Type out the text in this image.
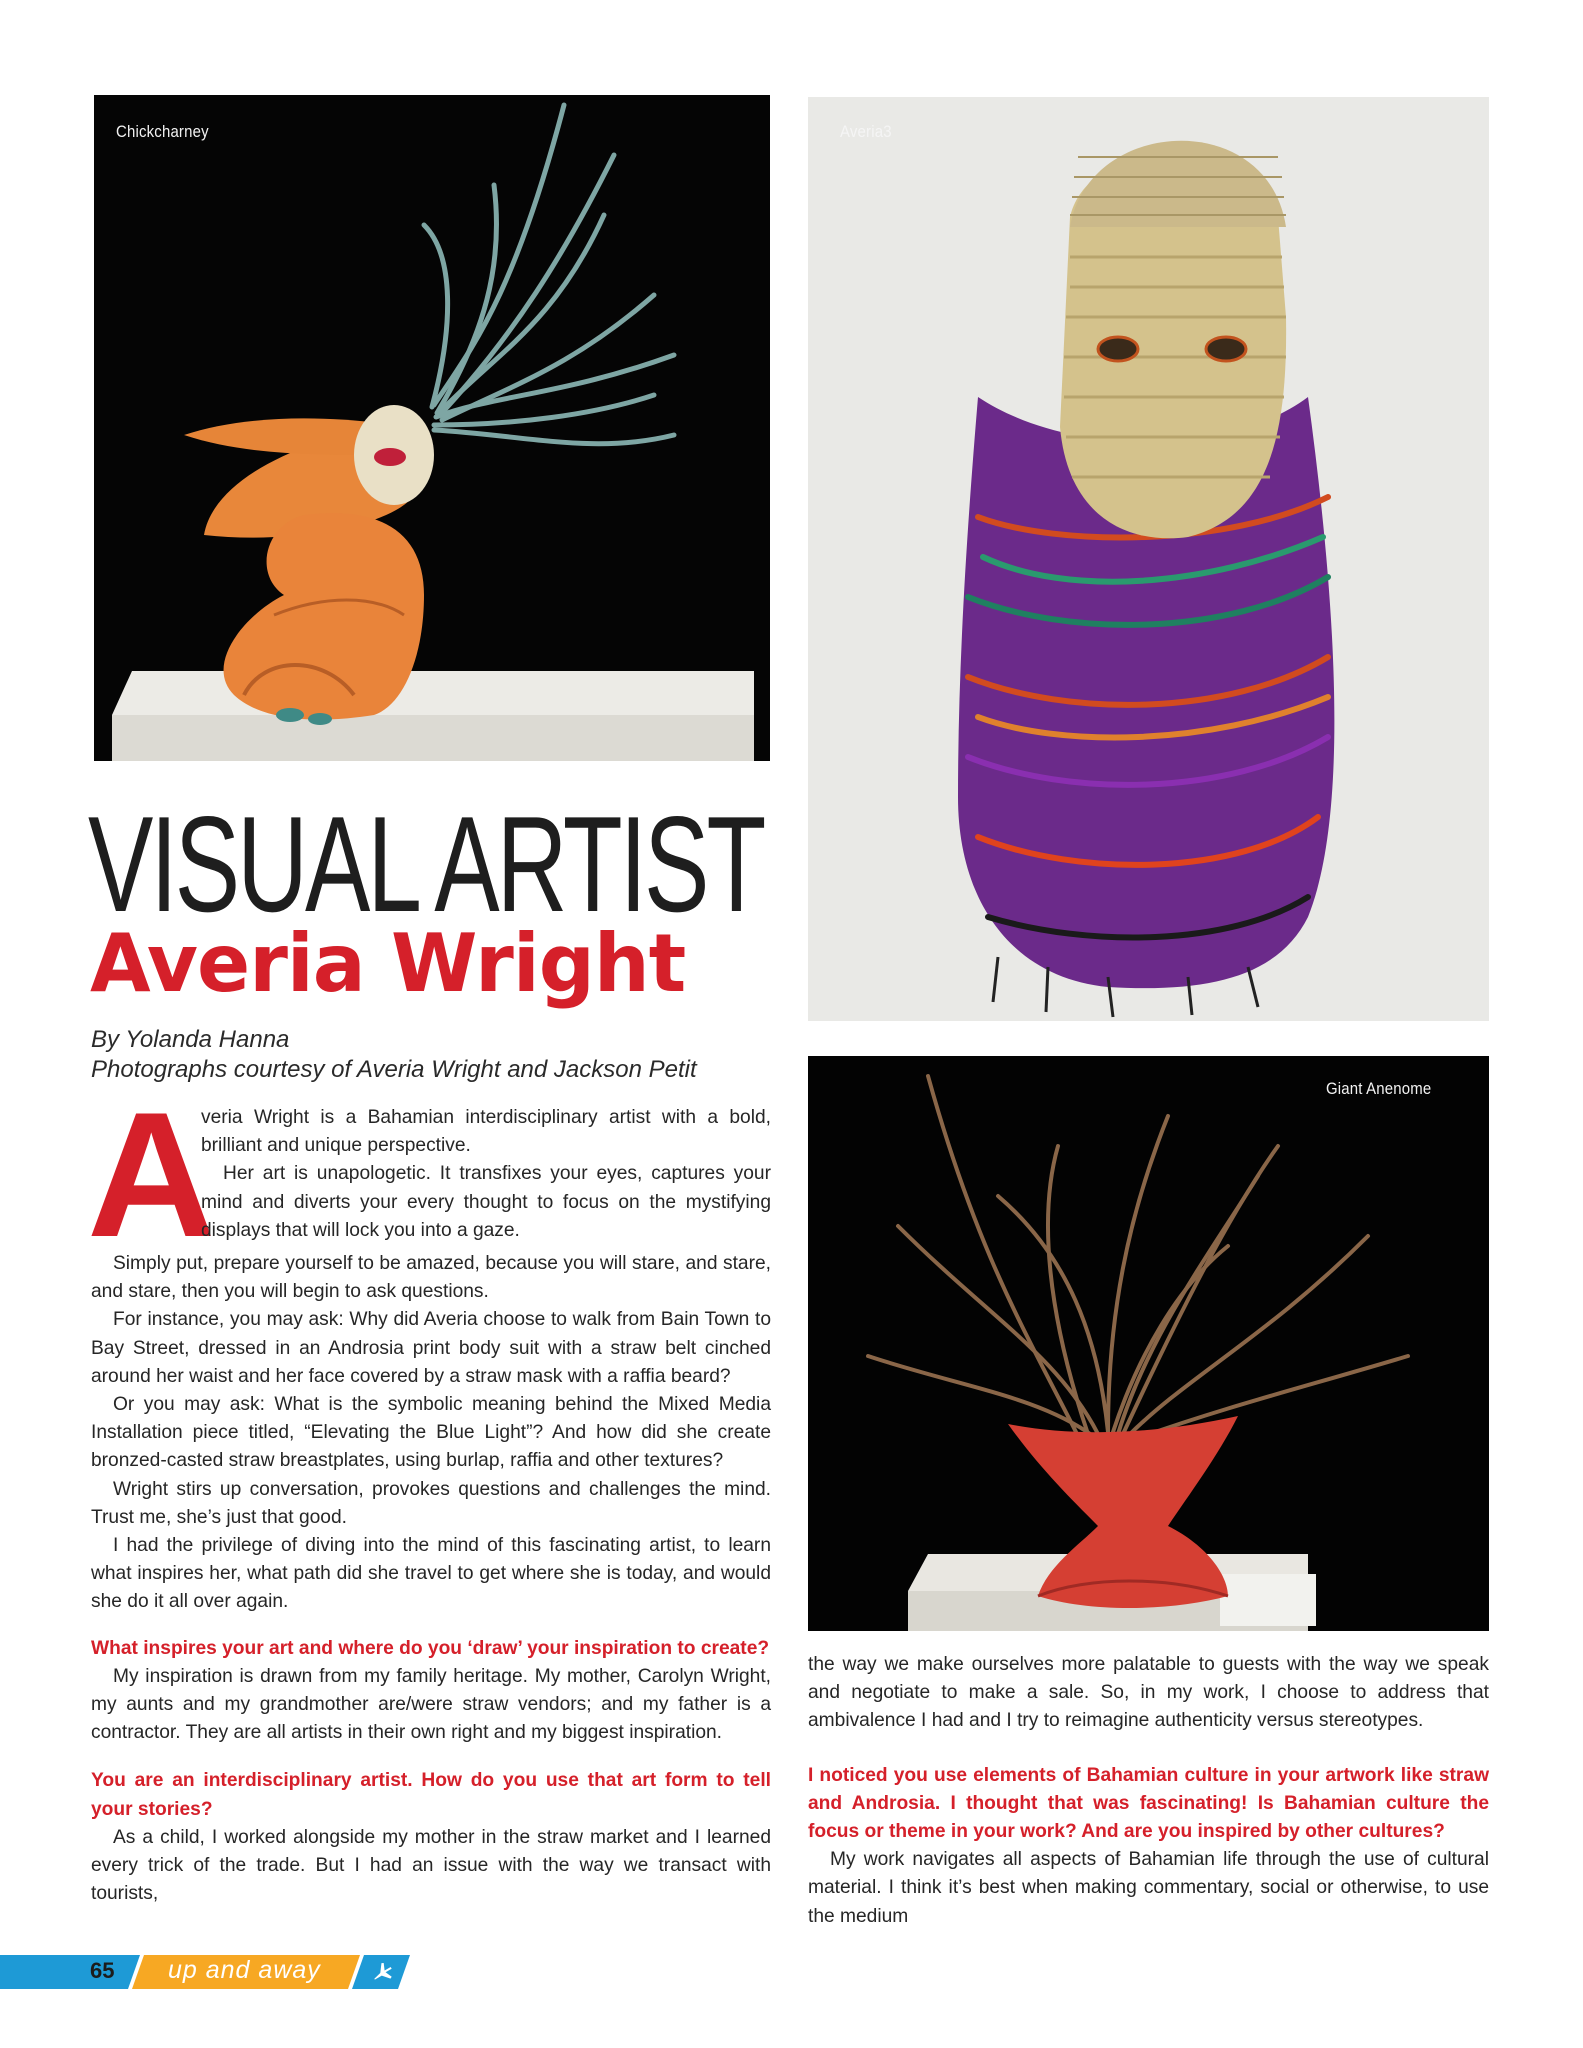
Chickcharney	Averia3
Giant Anenome
VISUAL ARTIST
Averia Wright
By Yolanda Hanna
Photographs courtesy of Averia Wright and Jackson Petit
A

veria Wright is a Bahamian interdisciplinary artist with a bold, brilliant and unique perspective.

Her art is unapologetic. It transfixes your eyes, captures your mind and diverts your every thought to focus on the mystifying displays that will lock you into a gaze.

Simply put, prepare yourself to be amazed, because you will stare, and stare, and stare, then you will begin to ask questions.

For instance, you may ask: Why did Averia choose to walk from Bain Town to Bay Street, dressed in an Androsia print body suit with a straw belt cinched around her waist and her face covered by a straw mask with a raffia beard?

Or you may ask: What is the symbolic meaning behind the Mixed Media Installation piece titled, “Elevating the Blue Light”? And how did she create bronzed-casted straw breastplates, using burlap, raffia and other textures?

Wright stirs up conversation, provokes questions and challenges the mind. Trust me, she’s just that good.

I had the privilege of diving into the mind of this fascinating artist, to learn what inspires her, what path did she travel to get where she is today, and would she do it all over again.

What inspires your art and where do you ‘draw’ your inspiration to create?

My inspiration is drawn from my family heritage. My mother, Carolyn Wright, my aunts and my grandmother are/were straw vendors; and my father is a contractor. They are all artists in their own right and my biggest inspiration.

You are an interdisciplinary artist. How do you use that art form to tell your stories?

As a child, I worked alongside my mother in the straw market and I learned every trick of the trade. But I had an issue with the way we transact with tourists,

the way we make ourselves more palatable to guests with the way we speak and negotiate to make a sale. So, in my work, I choose to address that ambivalence I had and I try to reimagine authenticity versus stereotypes.

I noticed you use elements of Bahamian culture in your artwork like straw and Androsia. I thought that was fascinating! Is Bahamian culture the focus or theme in your work? And are you inspired by other cultures?

My work navigates all aspects of Bahamian life through the use of cultural material. I think it’s best when making commentary, social or otherwise, to use the medium

65 up and away
